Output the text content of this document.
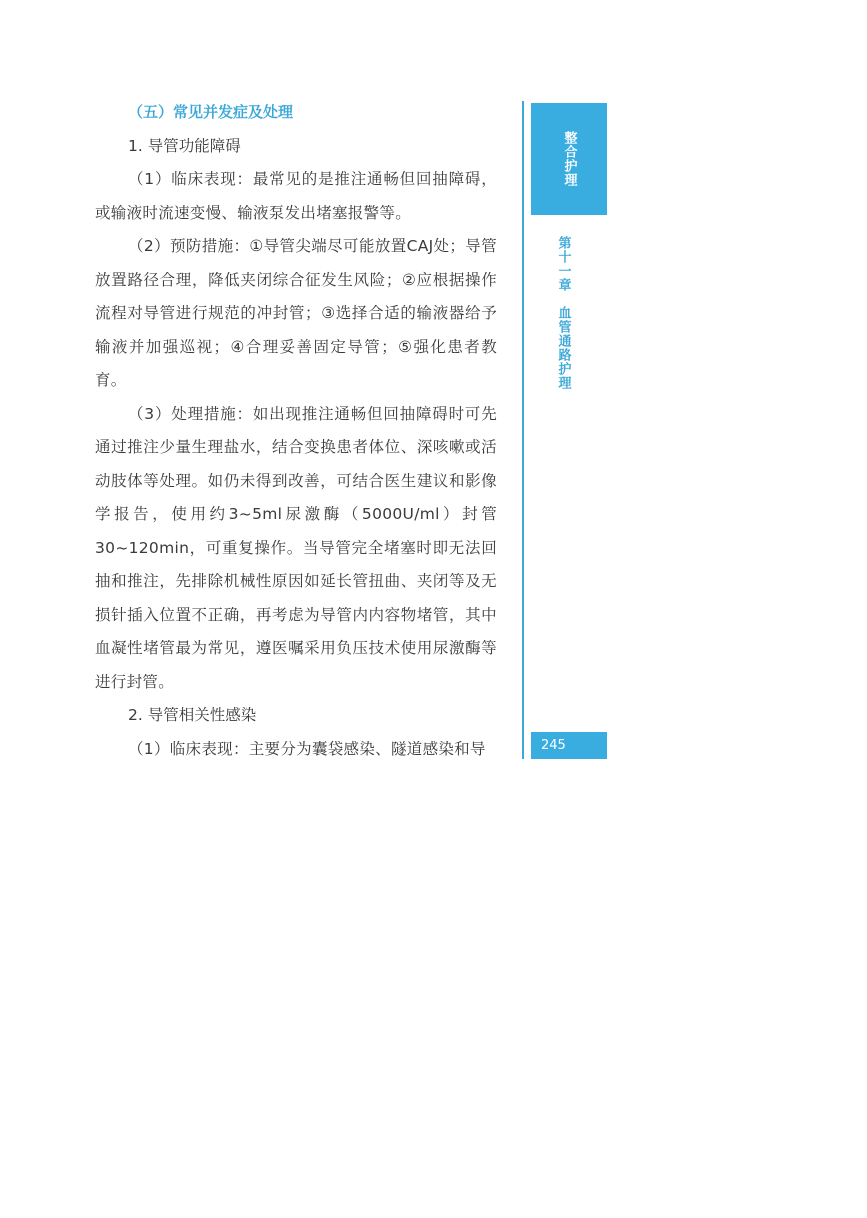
（五）常见并发症及处理

1. 导管功能障碍

（1）临床表现：最常见的是推注通畅但回抽障碍，或输液时流速变慢、输液泵发出堵塞报警等。

（2）预防措施：①导管尖端尽可能放置CAJ处；导管放置路径合理，降低夹闭综合征发生风险；②应根据操作流程对导管进行规范的冲封管；③选择合适的输液器给予输液并加强巡视；④合理妥善固定导管；⑤强化患者教育。

（3）处理措施：如出现推注通畅但回抽障碍时可先通过推注少量生理盐水，结合变换患者体位、深咳嗽或活动肢体等处理。如仍未得到改善，可结合医生建议和影像学报告，使用约3~5ml尿激酶（5000U/ml）封管30~120min，可重复操作。当导管完全堵塞时即无法回抽和推注，先排除机械性原因如延长管扭曲、夹闭等及无损针插入位置不正确，再考虑为导管内内容物堵管，其中血凝性堵管最为常见，遵医嘱采用负压技术使用尿激酶等进行封管。

2. 导管相关性感染

（1）临床表现：主要分为囊袋感染、隧道感染和导

整合护理
第十一章　血管通路护理
245
